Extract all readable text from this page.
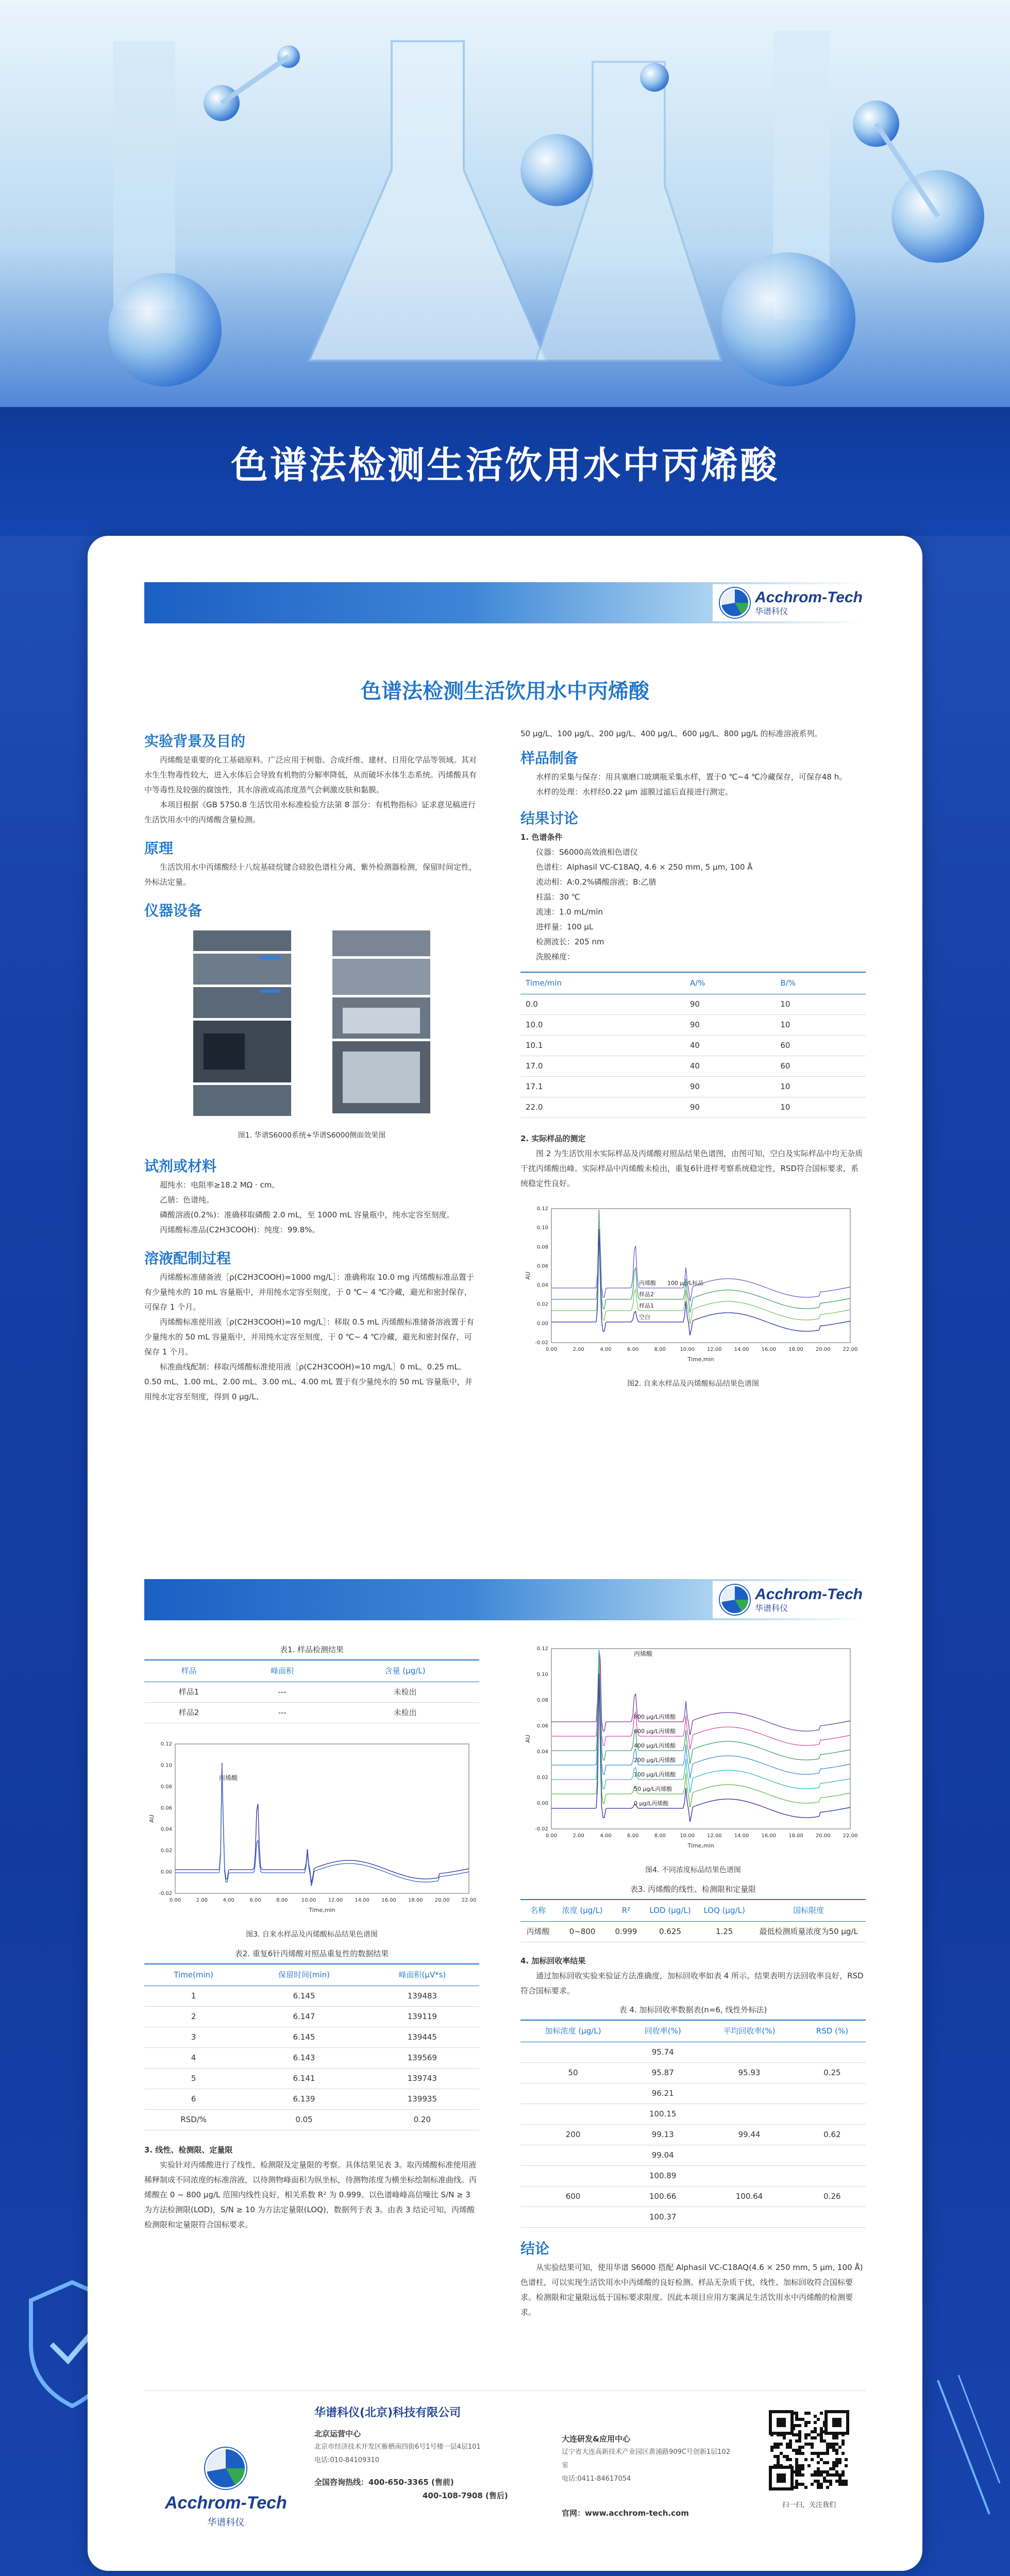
色谱法检测生活饮用水中丙烯酸
Acchrom-Tech
华谱科仪
色谱法检测生活饮用水中丙烯酸
实验背景及目的

丙烯酸是重要的化工基础原料。广泛应用于树脂、合成纤维、建材、日用化学品等领域。其对水生生物毒性较大，进入水体后会导致有机物的分解率降低，从而破坏水体生态系统。丙烯酸具有中等毒性及较强的腐蚀性，其水溶液或高浓度蒸气会刺激皮肤和黏膜。

本项目根据《GB 5750.8 生活饮用水标准检验方法第 8 部分：有机物指标》证求意见稿进行生活饮用水中的丙烯酸含量检测。

原理

生活饮用水中丙烯酸经十八烷基硅烷键合硅胶色谱柱分离，紫外检测器检测，保留时间定性，外标法定量。

仪器设备
图1. 华谱S6000系统+华谱S6000侧面效果图
试剂或材料

超纯水：电阻率≥18.2 MΩ · cm。

乙腈：色谱纯。

磷酸溶液(0.2%)：准确移取磷酸 2.0 mL，至 1000 mL 容量瓶中，纯水定容至刻度。

丙烯酸标准品(C2H3COOH)：纯度：99.8%。

溶液配制过程

丙烯酸标准储备液［ρ(C2H3COOH)=1000 mg/L］：准确称取 10.0 mg 丙烯酸标准品置于有少量纯水的 10 mL 容量瓶中，并用纯水定容至刻度，于 0 ℃~ 4 ℃冷藏，避光和密封保存，可保存 1 个月。

丙烯酸标准使用液［ρ(C2H3COOH)=10 mg/L］：移取 0.5 mL 丙烯酸标准储备溶液置于有少量纯水的 50 mL 容量瓶中，并用纯水定容至刻度，于 0 ℃~ 4 ℃冷藏，避光和密封保存，可保存 1 个月。

标准曲线配制：移取丙烯酸标准使用液［ρ(C2H3COOH)=10 mg/L］0 mL、0.25 mL、0.50 mL、1.00 mL、2.00 mL、3.00 mL、4.00 mL 置于有少量纯水的 50 mL 容量瓶中，并用纯水定容至刻度，得到 0 μg/L、

50 μg/L、100 μg/L、200 μg/L、400 μg/L、600 μg/L、800 μg/L 的标准溶液系列。

样品制备

水样的采集与保存：用具塞磨口玻璃瓶采集水样，置于0 ℃~4 ℃冷藏保存，可保存48 h。

水样的处理：水样经0.22 μm 滤膜过滤后直接进行测定。

结果讨论
1. 色谱条件

仪器：S6000高效液相色谱仪

色谱柱：Alphasil VC-C18AQ, 4.6 × 250 mm, 5 μm, 100 Å

流动相：A:0.2%磷酸溶液；B:乙腈

柱温：30 ℃

流速：1.0 mL/min

进样量：100 μL

检测波长：205 nm

洗脱梯度：

Time/min	A/%	B/%
0.0	90	10
10.0	90	10
10.1	40	60
17.0	40	60
17.1	90	10
22.0	90	10
2. 实际样品的测定

图 2 为生活饮用水实际样品及丙烯酸对照品结果色谱图，由图可知，空白及实际样品中均无杂质干扰丙烯酸出峰。实际样品中丙烯酸未检出，重复6针进样考察系统稳定性，RSD符合国标要求，系统稳定性良好。

0.00	2.00	4.00	6.00	8.00	10.00 12.00 14.00 16.00 18.00 20.00 22.00
-0.02
0.00
0.02
0.04
0.06
0.08
0.10
0.12
Time,min
AU
丙烯酸 100 μg/L标品
样品2
样品1
空白
图2. 自来水样品及丙烯酸标品结果色谱图
Acchrom-Tech
华谱科仪
表1. 样品检测结果
样品	峰面积	含量 (μg/L)
样品1	---	未检出
样品2	---	未检出
0.00	2.00	4.00	6.00	8.00	10.00 12.00 14.00 16.00 18.00 20.00 22.00
-0.02
0.00
0.02
0.04
0.06
0.08
0.10
0.12
Time,min
AU
丙烯酸
图3. 自来水样品及丙烯酸标品结果色谱图
表2. 重复6针丙烯酸对照品重复性的数据结果
Time(min)	保留时间(min)	峰面积(μV*s)
1	6.145	139483
2	6.147	139119
3	6.145	139445
4	6.143	139569
5	6.141	139743
6	6.139	139935
RSD/%	0.05	0.20
3. 线性、检测限、定量限

实验针对丙烯酸进行了线性、检测限及定量限的考察。具体结果见表 3。取丙烯酸标准使用液稀释制成不同浓度的标准溶液，以待测物峰面积为纵坐标，待测物浓度为横坐标绘制标准曲线。丙烯酸在 0 ~ 800 μg/L 范围内线性良好，相关系数 R² 为 0.999。以色谱峰峰高信噪比 S/N ≥ 3 为方法检测限(LOD)，S/N ≥ 10 为方法定量限(LOQ)，数据列于表 3。由表 3 结论可知，丙烯酸检测限和定量限符合国标要求。

0.00	2.00	4.00	6.00	8.00	10.00 12.00 14.00 16.00 18.00 20.00 22.00
-0.02
0.00
0.02
0.04
0.06
0.08
0.10
0.12
Time,min
AU
800 μg/L丙烯酸
600 μg/L丙烯酸
400 μg/L丙烯酸
200 μg/L丙烯酸
100 μg/L丙烯酸
50 μg/L丙烯酸
0 μg/L丙烯酸
丙烯酸
图4. 不同浓度标品结果色谱图
表3. 丙烯酸的线性、检测限和定量限
名称	浓度 (μg/L)	R²	LOD (μg/L)	LOQ (μg/L)	国标限度
丙烯酸	0~800	0.999	0.625	1.25	最低检测质量浓度为50 μg/L
4. 加标回收率结果

通过加标回收实验来验证方法准确度，加标回收率如表 4 所示。结果表明方法回收率良好，RSD 符合国标要求。

表 4. 加标回收率数据表(n=6, 线性外标法)
加标浓度 (μg/L)	回收率(%)	平均回收率(%)	RSD (%)
	95.74		
50	95.87	95.93	0.25
	96.21		
	100.15		
200	99.13	99.44	0.62
	99.04		
	100.89		
600	100.66	100.64	0.26
	100.37		
结论

从实验结果可知，使用华谱 S6000 搭配 Alphasil VC-C18AQ(4.6 × 250 mm, 5 μm, 100 Å)色谱柱，可以实现生活饮用水中丙烯酸的良好检测。样品无杂质干扰，线性、加标回收符合国标要求。检测限和定量限远低于国标要求限度。因此本项目应用方案满足生活饮用水中丙烯酸的检测要求。

Acchrom-Tech
华谱科仪
华谱科仪(北京)科技有限公司
北京运营中心
北京市经济技术开发区雁栖南四街6号1号楼一层4层101
电话:010-84109310
全国咨询热线：400-650-3365 (售前)
400-108-7908 (售后)
大连研发&应用中心
辽宁省大连高新技术产业园区黄浦路909C号创新1层102室
电话:0411-84617054
官网：www.acchrom-tech.com
扫一扫，关注我们
